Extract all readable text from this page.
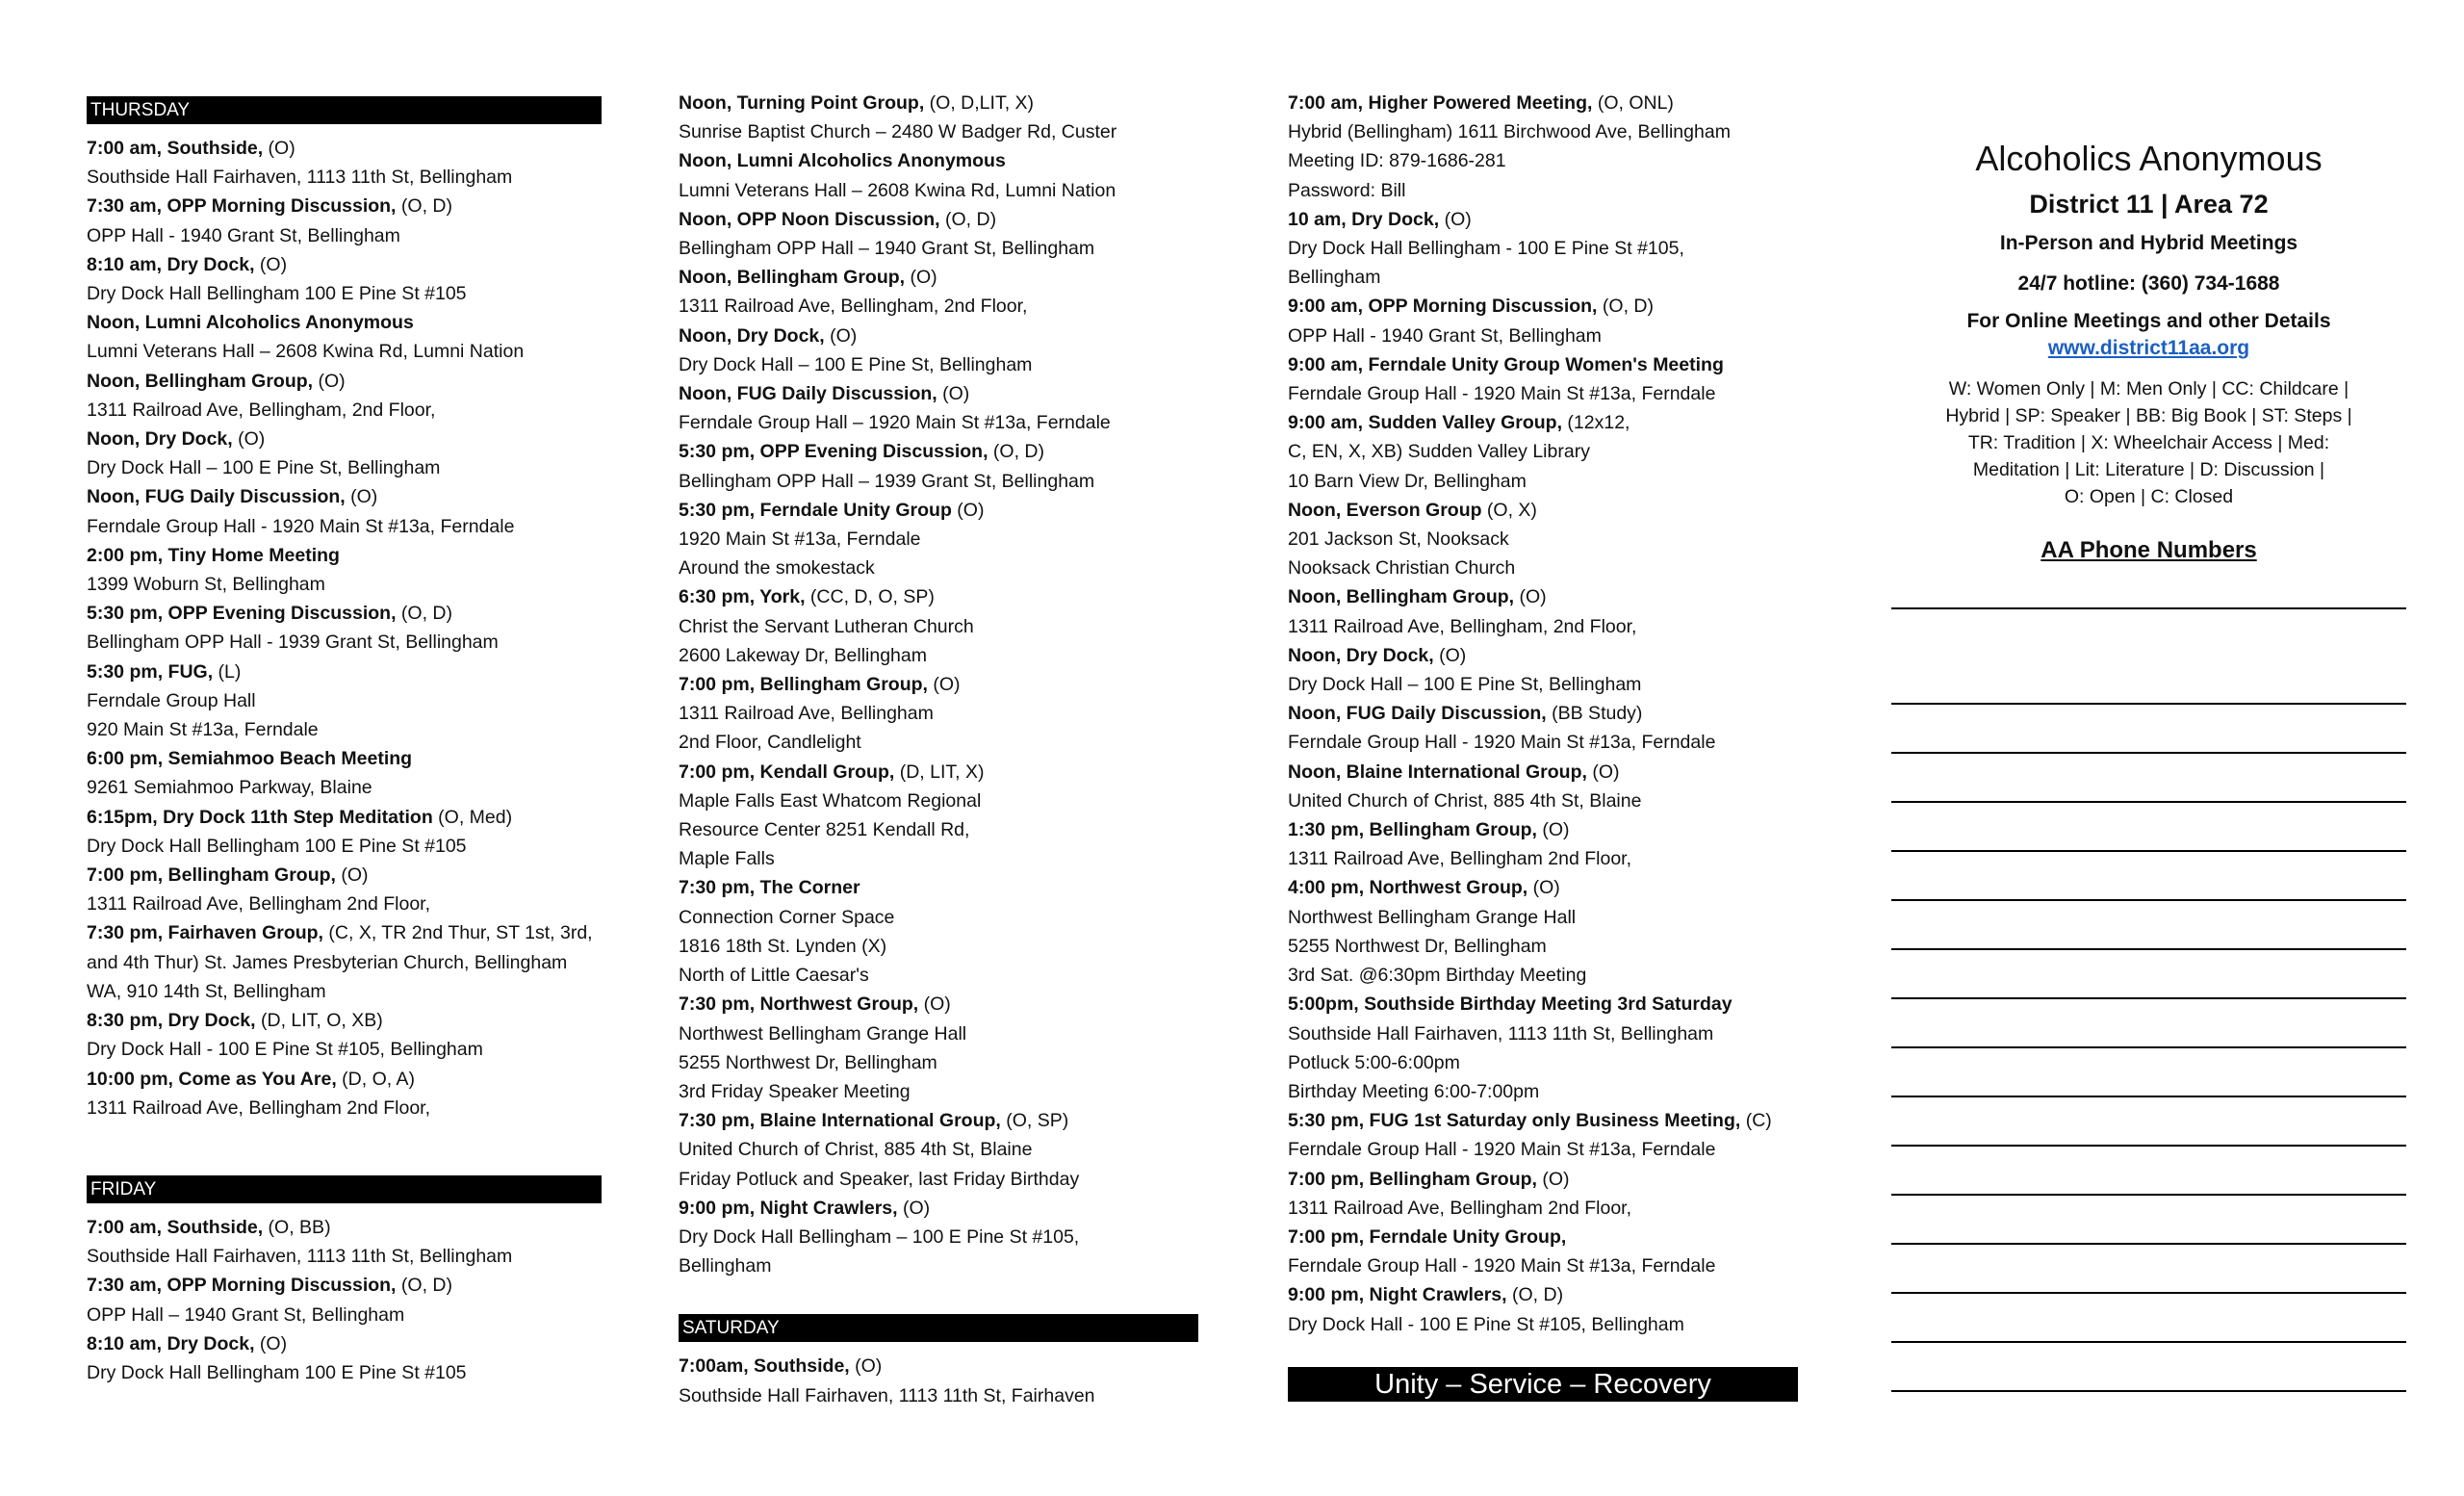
THURSDAY
7:00 am, Southside, (O)
Southside Hall Fairhaven, 1113 11th St, Bellingham
7:30 am, OPP Morning Discussion, (O, D)
OPP Hall - 1940 Grant St, Bellingham
8:10 am, Dry Dock, (O)
Dry Dock Hall Bellingham 100 E Pine St #105
Noon, Lumni Alcoholics Anonymous
Lumni Veterans Hall – 2608 Kwina Rd, Lumni Nation
Noon, Bellingham Group, (O)
1311 Railroad Ave, Bellingham, 2nd Floor,
Noon, Dry Dock, (O)
Dry Dock Hall – 100 E Pine St, Bellingham
Noon, FUG Daily Discussion, (O)
Ferndale Group Hall - 1920 Main St #13a, Ferndale
2:00 pm, Tiny Home Meeting
1399 Woburn St, Bellingham
5:30 pm, OPP Evening Discussion, (O, D)
Bellingham OPP Hall - 1939 Grant St, Bellingham
5:30 pm, FUG, (L)
Ferndale Group Hall
920 Main St #13a, Ferndale
6:00 pm, Semiahmoo Beach Meeting
9261 Semiahmoo Parkway, Blaine
6:15pm, Dry Dock 11th Step Meditation (O, Med)
Dry Dock Hall Bellingham 100 E Pine St #105
7:00 pm, Bellingham Group, (O)
1311 Railroad Ave, Bellingham 2nd Floor,
7:30 pm, Fairhaven Group, (C, X, TR 2nd Thur, ST 1st, 3rd,
and 4th Thur) St. James Presbyterian Church, Bellingham
WA, 910 14th St, Bellingham
8:30 pm, Dry Dock, (D, LIT, O, XB)
Dry Dock Hall - 100 E Pine St #105, Bellingham
10:00 pm, Come as You Are, (D, O, A)
1311 Railroad Ave, Bellingham 2nd Floor,
FRIDAY
7:00 am, Southside, (O, BB)
Southside Hall Fairhaven, 1113 11th St, Bellingham
7:30 am, OPP Morning Discussion, (O, D)
OPP Hall – 1940 Grant St, Bellingham
8:10 am, Dry Dock, (O)
Dry Dock Hall Bellingham 100 E Pine St #105
Noon, Turning Point Group, (O, D,LIT, X)
Sunrise Baptist Church – 2480 W Badger Rd, Custer
Noon, Lumni Alcoholics Anonymous
Lumni Veterans Hall – 2608 Kwina Rd, Lumni Nation
Noon, OPP Noon Discussion, (O, D)
Bellingham OPP Hall – 1940 Grant St, Bellingham
Noon, Bellingham Group, (O)
1311 Railroad Ave, Bellingham, 2nd Floor,
Noon, Dry Dock, (O)
Dry Dock Hall – 100 E Pine St, Bellingham
Noon, FUG Daily Discussion, (O)
Ferndale Group Hall – 1920 Main St #13a, Ferndale
5:30 pm, OPP Evening Discussion, (O, D)
Bellingham OPP Hall – 1939 Grant St, Bellingham
5:30 pm, Ferndale Unity Group (O)
1920 Main St #13a, Ferndale
Around the smokestack
6:30 pm, York, (CC, D, O, SP)
Christ the Servant Lutheran Church
2600 Lakeway Dr, Bellingham
7:00 pm, Bellingham Group, (O)
1311 Railroad Ave, Bellingham
2nd Floor, Candlelight
7:00 pm, Kendall Group, (D, LIT, X)
Maple Falls East Whatcom Regional
Resource Center 8251 Kendall Rd,
Maple Falls
7:30 pm, The Corner
Connection Corner Space
1816 18th St. Lynden (X)
North of Little Caesar's
7:30 pm, Northwest Group, (O)
Northwest Bellingham Grange Hall
5255 Northwest Dr, Bellingham
3rd Friday Speaker Meeting
7:30 pm, Blaine International Group, (O, SP)
United Church of Christ, 885 4th St, Blaine
Friday Potluck and Speaker, last Friday Birthday
9:00 pm, Night Crawlers, (O)
Dry Dock Hall Bellingham – 100 E Pine St #105,
Bellingham
SATURDAY
7:00am, Southside, (O)
Southside Hall Fairhaven, 1113 11th St, Fairhaven
7:00 am, Higher Powered Meeting, (O, ONL)
Hybrid (Bellingham) 1611 Birchwood Ave, Bellingham
Meeting ID: 879-1686-281
Password: Bill
10 am, Dry Dock, (O)
Dry Dock Hall Bellingham - 100 E Pine St #105,
Bellingham
9:00 am, OPP Morning Discussion, (O, D)
OPP Hall - 1940 Grant St, Bellingham
9:00 am, Ferndale Unity Group Women's Meeting
Ferndale Group Hall - 1920 Main St #13a, Ferndale
9:00 am, Sudden Valley Group, (12x12,
C, EN, X, XB) Sudden Valley Library
10 Barn View Dr, Bellingham
Noon, Everson Group (O, X)
201 Jackson St, Nooksack
Nooksack Christian Church
Noon, Bellingham Group, (O)
1311 Railroad Ave, Bellingham, 2nd Floor,
Noon, Dry Dock, (O)
Dry Dock Hall – 100 E Pine St, Bellingham
Noon, FUG Daily Discussion, (BB Study)
Ferndale Group Hall - 1920 Main St #13a, Ferndale
Noon, Blaine International Group, (O)
United Church of Christ, 885 4th St, Blaine
1:30 pm, Bellingham Group, (O)
1311 Railroad Ave, Bellingham 2nd Floor,
4:00 pm, Northwest Group, (O)
Northwest Bellingham Grange Hall
5255 Northwest Dr, Bellingham
3rd Sat. @6:30pm Birthday Meeting
5:00pm, Southside Birthday Meeting 3rd Saturday
Southside Hall Fairhaven, 1113 11th St, Bellingham
Potluck 5:00-6:00pm
Birthday Meeting 6:00-7:00pm
5:30 pm, FUG 1st Saturday only Business Meeting, (C)
Ferndale Group Hall - 1920 Main St #13a, Ferndale
7:00 pm, Bellingham Group, (O)
1311 Railroad Ave, Bellingham 2nd Floor,
7:00 pm, Ferndale Unity Group,
Ferndale Group Hall - 1920 Main St #13a, Ferndale
9:00 pm, Night Crawlers, (O, D)
Dry Dock Hall - 100 E Pine St #105, Bellingham
Unity – Service – Recovery
Alcoholics Anonymous
District 11 | Area 72
In-Person and Hybrid Meetings
24/7 hotline: (360) 734-1688
For Online Meetings and other Details
www.district11aa.org
W: Women Only | M: Men Only | CC: Childcare |
Hybrid | SP: Speaker | BB: Big Book | ST: Steps |
TR: Tradition | X: Wheelchair Access | Med:
Meditation | Lit: Literature | D: Discussion |
O: Open | C: Closed
AA Phone Numbers
